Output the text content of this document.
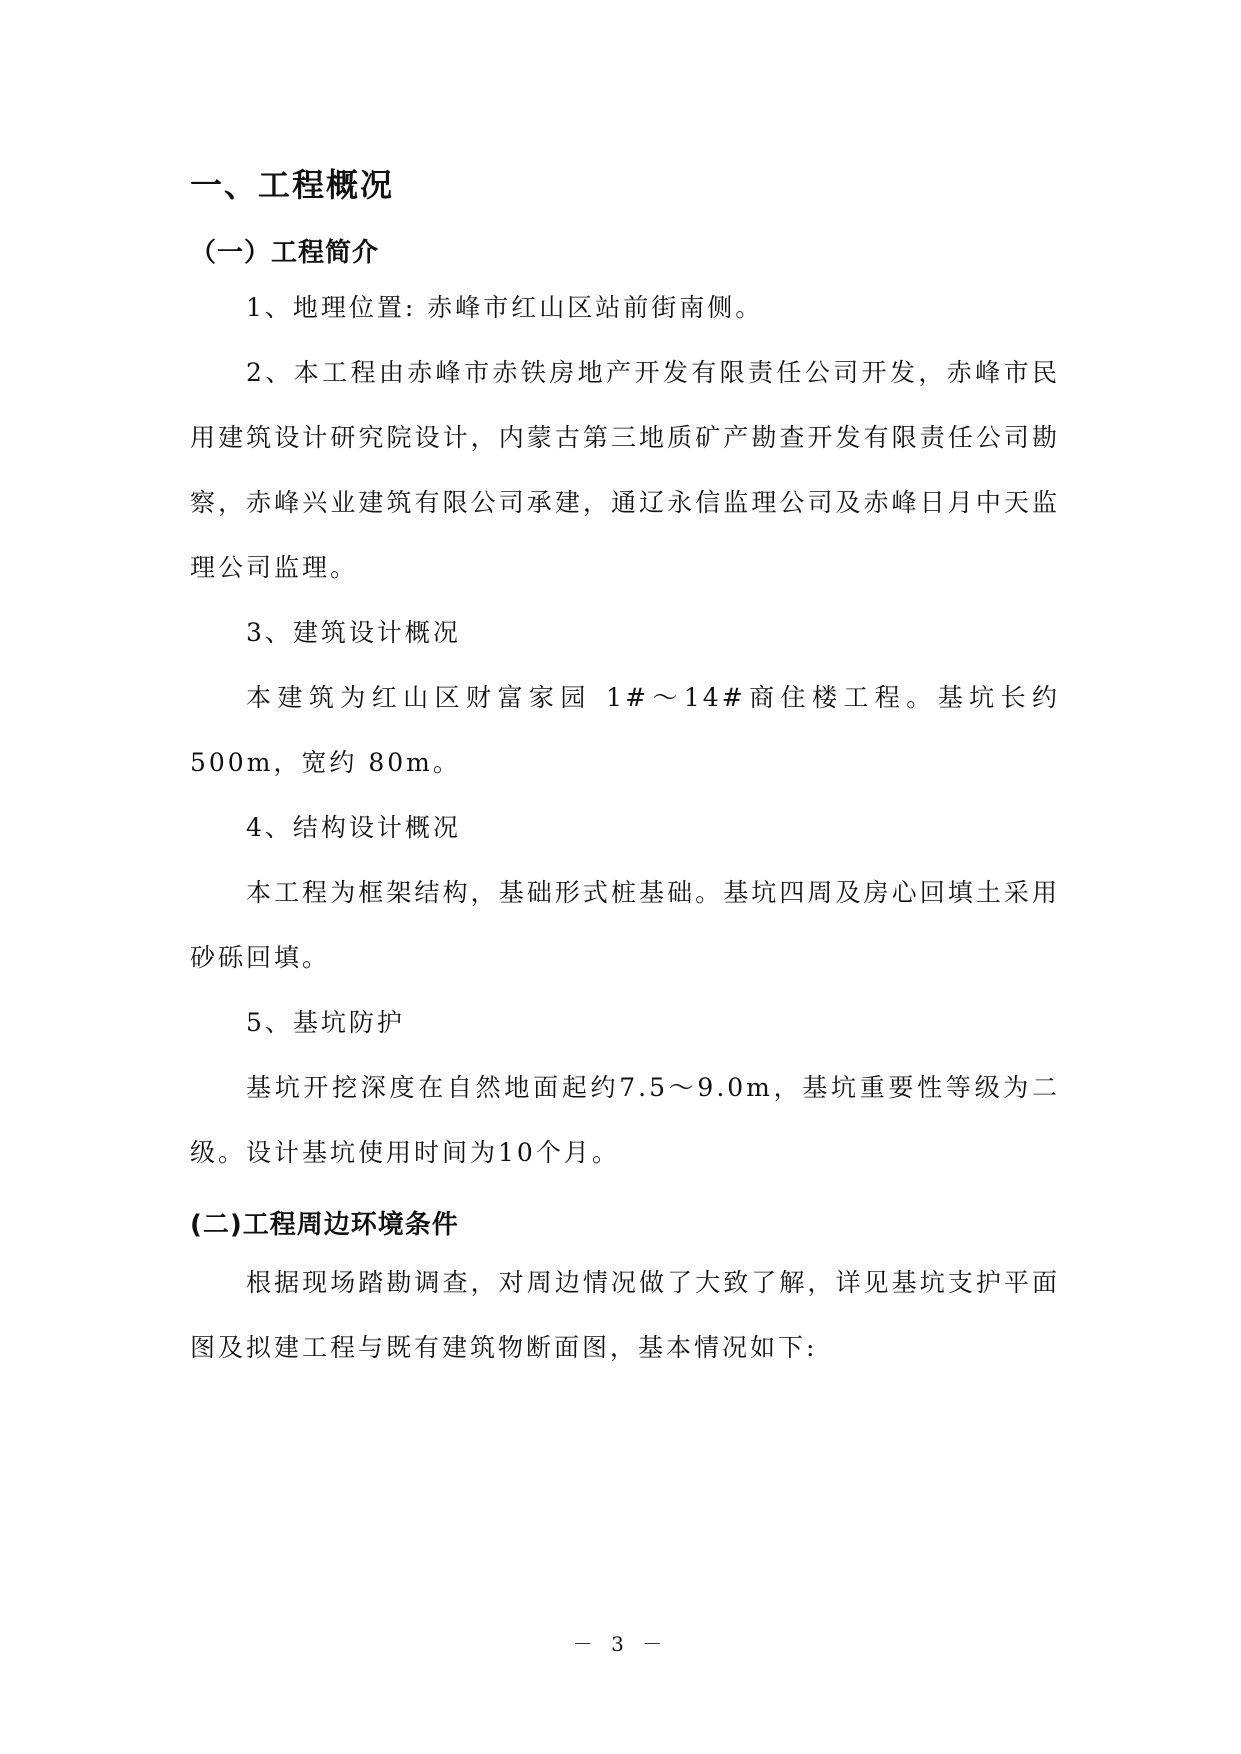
一、工程概况
（一）工程简介

1、地理位置: 赤峰市红山区站前街南侧。

2、本工程由赤峰市赤铁房地产开发有限责任公司开发，赤峰市民用建筑设计研究院设计，内蒙古第三地质矿产勘查开发有限责任公司勘察，赤峰兴业建筑有限公司承建，通辽永信监理公司及赤峰日月中天监理公司监理。

3、建筑设计概况

本建筑为红山区财富家园 1#～14#商住楼工程。基坑长约 500m，宽约 80m。

4、结构设计概况

本工程为框架结构，基础形式桩基础。基坑四周及房心回填土采用砂砾回填。

5、基坑防护

基坑开挖深度在自然地面起约7.5～9.0m，基坑重要性等级为二级。设计基坑使用时间为10个月。

(二)工程周边环境条件

根据现场踏勘调查，对周边情况做了大致了解，详见基坑支护平面图及拟建工程与既有建筑物断面图，基本情况如下:

－ 3 －
